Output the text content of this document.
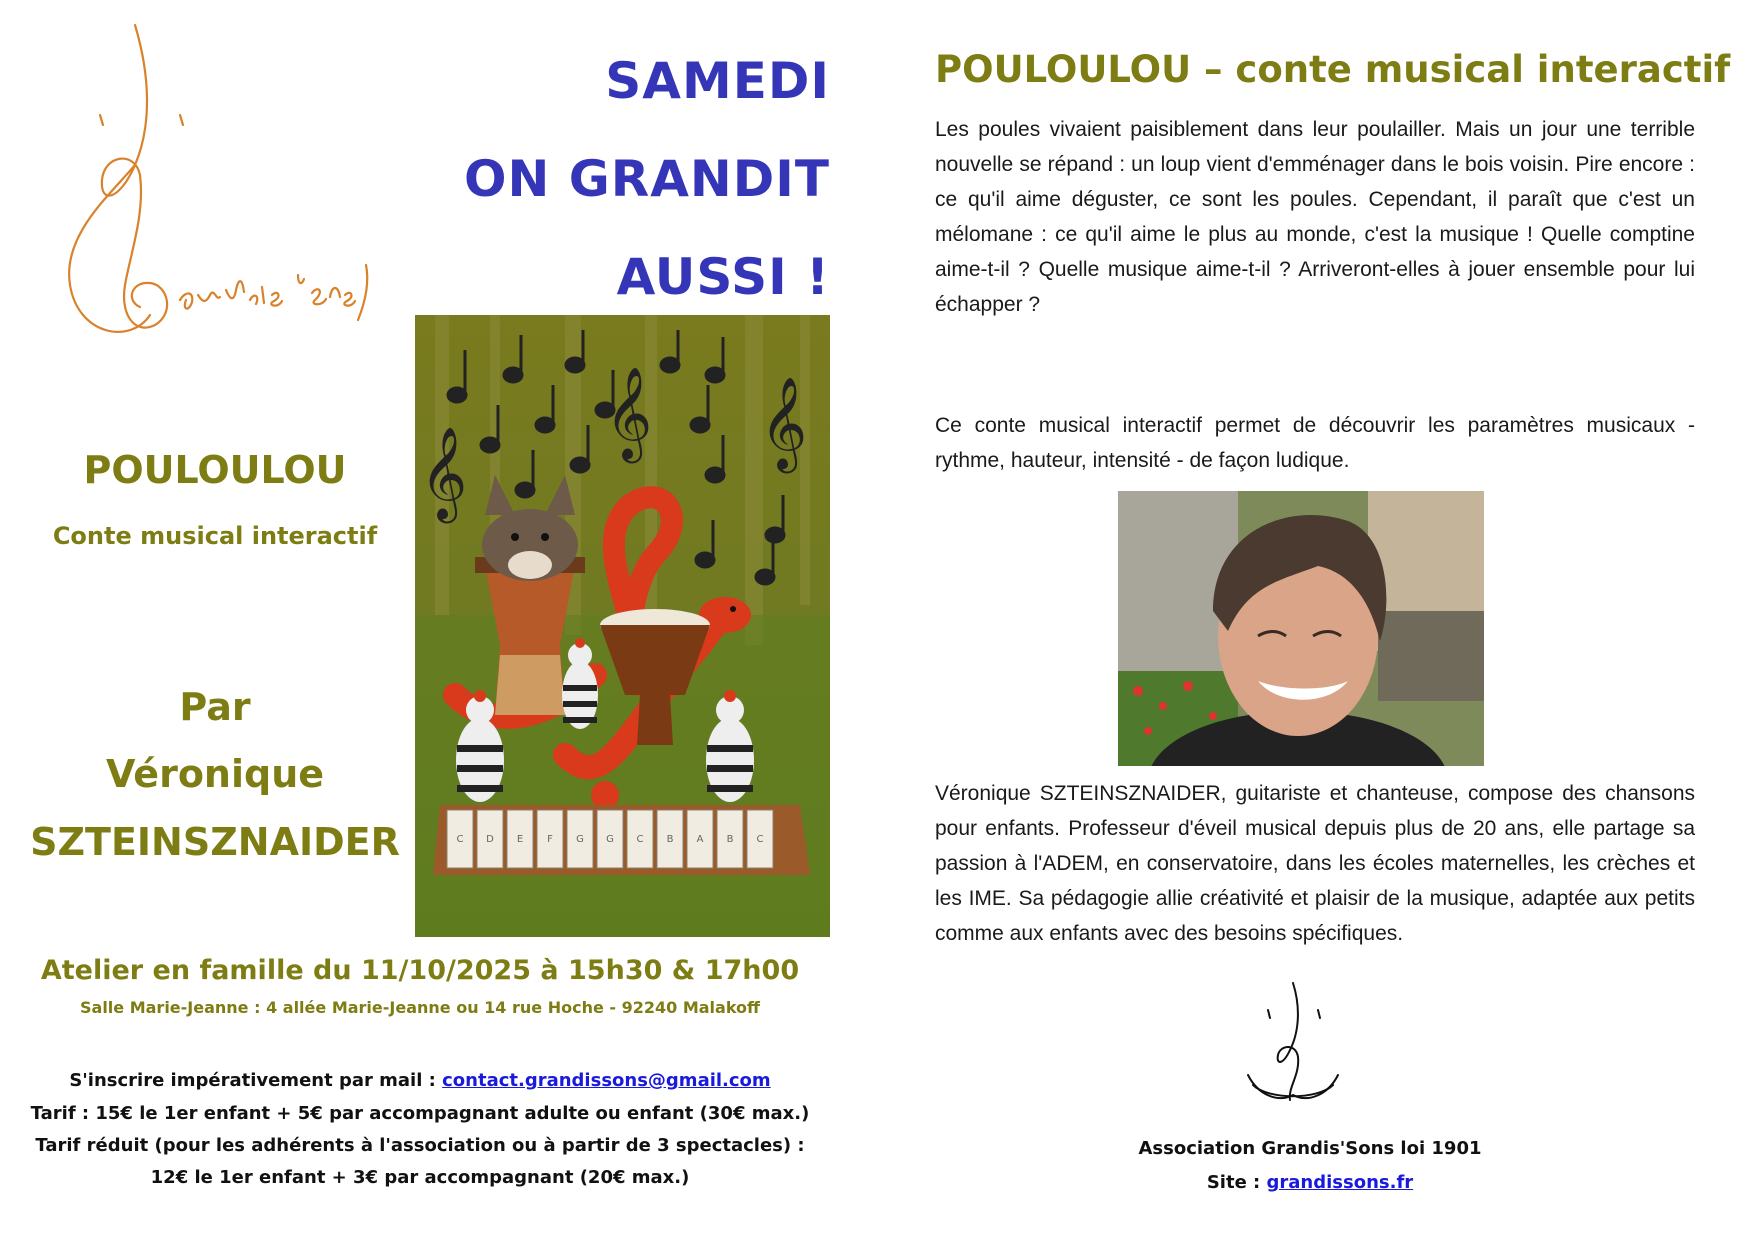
SAMEDI
ON GRANDIT
AUSSI !
𝄞
𝄞 𝄞
C D E F G G C B A B C
POULOULOU
Conte musical interactif
Par
Véronique
SZTEINSZNAIDER
Atelier en famille du 11/10/2025 à 15h30 & 17h00
Salle Marie-Jeanne : 4 allée Marie-Jeanne ou 14 rue Hoche - 92240 Malakoff
S'inscrire impérativement par mail : contact.grandissons@gmail.com
Tarif : 15€ le 1er enfant + 5€ par accompagnant adulte ou enfant (30€ max.)
Tarif réduit (pour les adhérents à l'association ou à partir de 3 spectacles) :
12€ le 1er enfant + 3€ par accompagnant (20€ max.)
POULOULOU – conte musical interactif
Les poules vivaient paisiblement dans leur poulailler. Mais un jour une terrible nouvelle se répand : un loup vient d'emménager dans le bois voisin. Pire encore : ce qu'il aime déguster, ce sont les poules. Cependant, il paraît que c'est un mélomane : ce qu'il aime le plus au monde, c'est la musique ! Quelle comptine aime-t-il ? Quelle musique aime-t-il ? Arriveront-elles à jouer ensemble pour lui échapper ?
Ce conte musical interactif permet de découvrir les paramètres musicaux - rythme, hauteur, intensité - de façon ludique.
Véronique SZTEINSZNAIDER, guitariste et chanteuse, compose des chansons pour enfants. Professeur d'éveil musical depuis plus de 20 ans, elle partage sa passion à l'ADEM, en conservatoire, dans les écoles maternelles, les crèches et les IME. Sa pédagogie allie créativité et plaisir de la musique, adaptée aux petits comme aux enfants avec des besoins spécifiques.
Association Grandis'Sons loi 1901
Site : grandissons.fr
